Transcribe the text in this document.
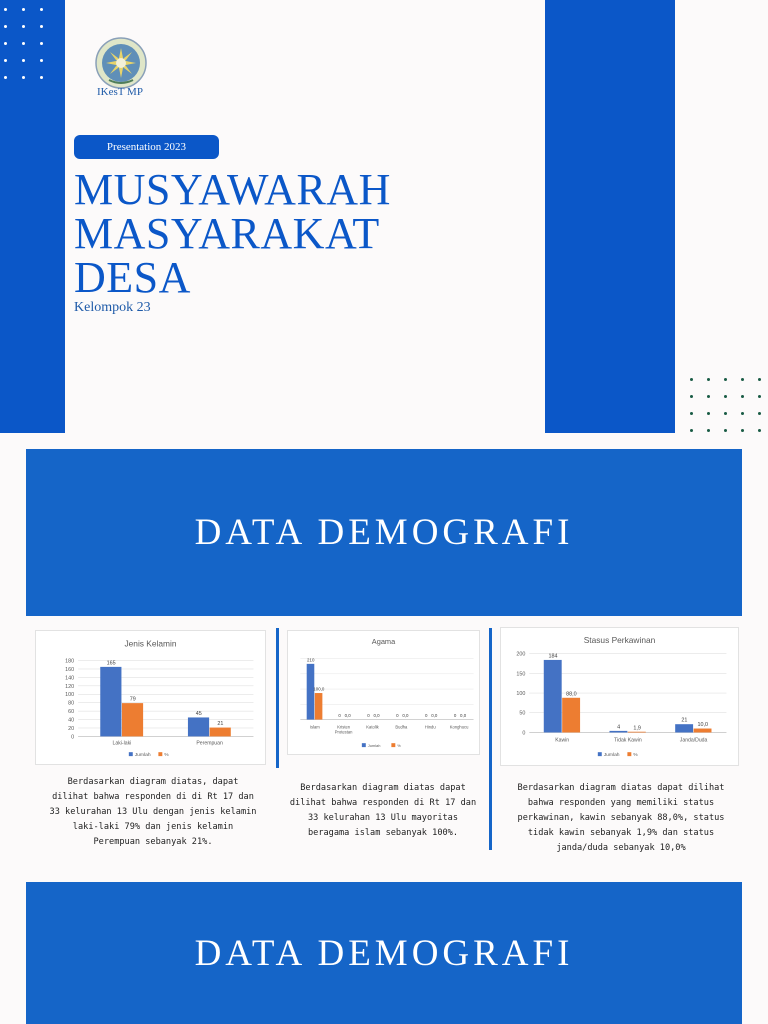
IKesT MP
Presentation 2023
MUSYAWARAH
MASYARAKAT
DESA
Kelompok 23
DATA DEMOGRAFI
Jenis Kelamin
0
20
40
60
80
100
120
140
160
180	165
79
Laki-laki
45
21
Perempuan
Jumlah	%
Agama
210
100,0
Islam
0 0,0
Kristen
Protestan
0 0,0
Katolik
0 0,0
Budha
0 0,0
Hindu
0 0,0
Konghucu
Jumlah	%
Stasus Perkawinan
0
50
100
150
200	184
88,0
Kawin
4 1,9
Tidak Kawin
21
10,0
Janda/Duda
Jumlah	%
Berdasarkan diagram diatas, dapat dilihat bahwa responden di di Rt 17 dan 33 kelurahan 13 Ulu dengan jenis kelamin laki-laki 79% dan jenis kelamin Perempuan sebanyak 21%.
Berdasarkan diagram diatas dapat dilihat bahwa responden di Rt 17 dan 33 kelurahan 13 Ulu mayoritas beragama islam sebanyak 100%.
Berdasarkan diagram diatas dapat dilihat bahwa responden yang memiliki status perkawinan, kawin sebanyak 88,0%, status tidak kawin sebanyak 1,9% dan status janda/duda sebanyak 10,0%
DATA DEMOGRAFI
